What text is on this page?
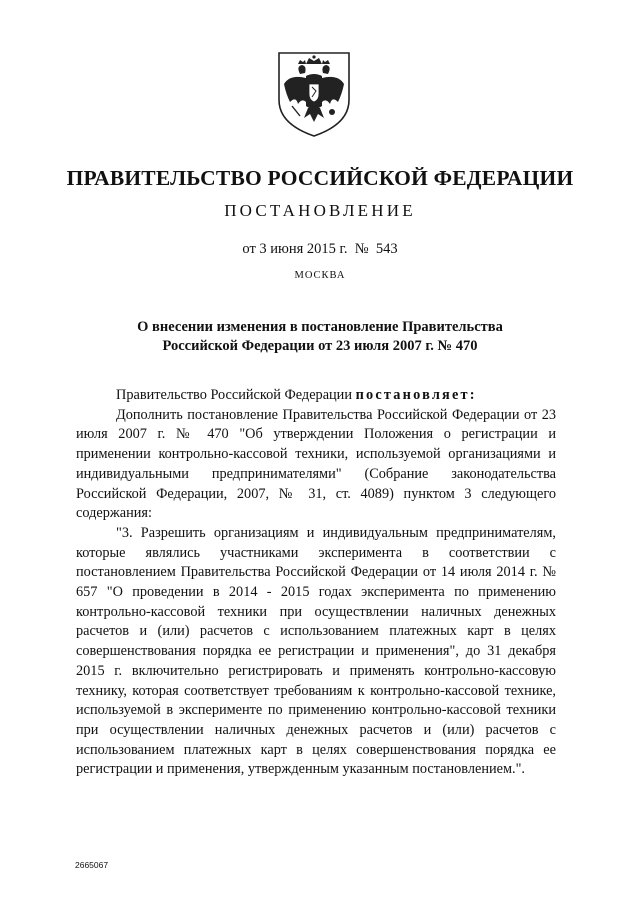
ПРАВИТЕЛЬСТВО РОССИЙСКОЙ ФЕДЕРАЦИИ
ПОСТАНОВЛЕНИЕ
от 3 июня 2015 г.  №  543
МОСКВА
О внесении изменения в постановление Правительства
Российской Федерации от 23 июля 2007 г. № 470

Правительство Российской Федерации постановляет:

Дополнить постановление Правительства Российской Федерации от 23 июля 2007 г. № 470 "Об утверждении Положения о регистрации и применении контрольно-кассовой техники, используемой организациями и индивидуальными предпринимателями" (Собрание законодательства Российской Федерации, 2007, № 31, ст. 4089) пунктом 3 следующего содержания:

"3. Разрешить организациям и индивидуальным предпринимателям, которые являлись участниками эксперимента в соответствии с постановлением Правительства Российской Федерации от 14 июля 2014 г. № 657 "О проведении в 2014 - 2015 годах эксперимента по применению контрольно-кассовой техники при осуществлении наличных денежных расчетов и (или) расчетов с использованием платежных карт в целях совершенствования порядка ее регистрации и применения", до 31 декабря 2015 г. включительно регистрировать и применять контрольно-кассовую технику, которая соответствует требованиям к контрольно-кассовой технике, используемой в эксперименте по применению контрольно-кассовой техники при осуществлении наличных денежных расчетов и (или) расчетов с использованием платежных карт в целях совершенствования порядка ее регистрации и применения, утвержденным указанным постановлением.".

2665067
